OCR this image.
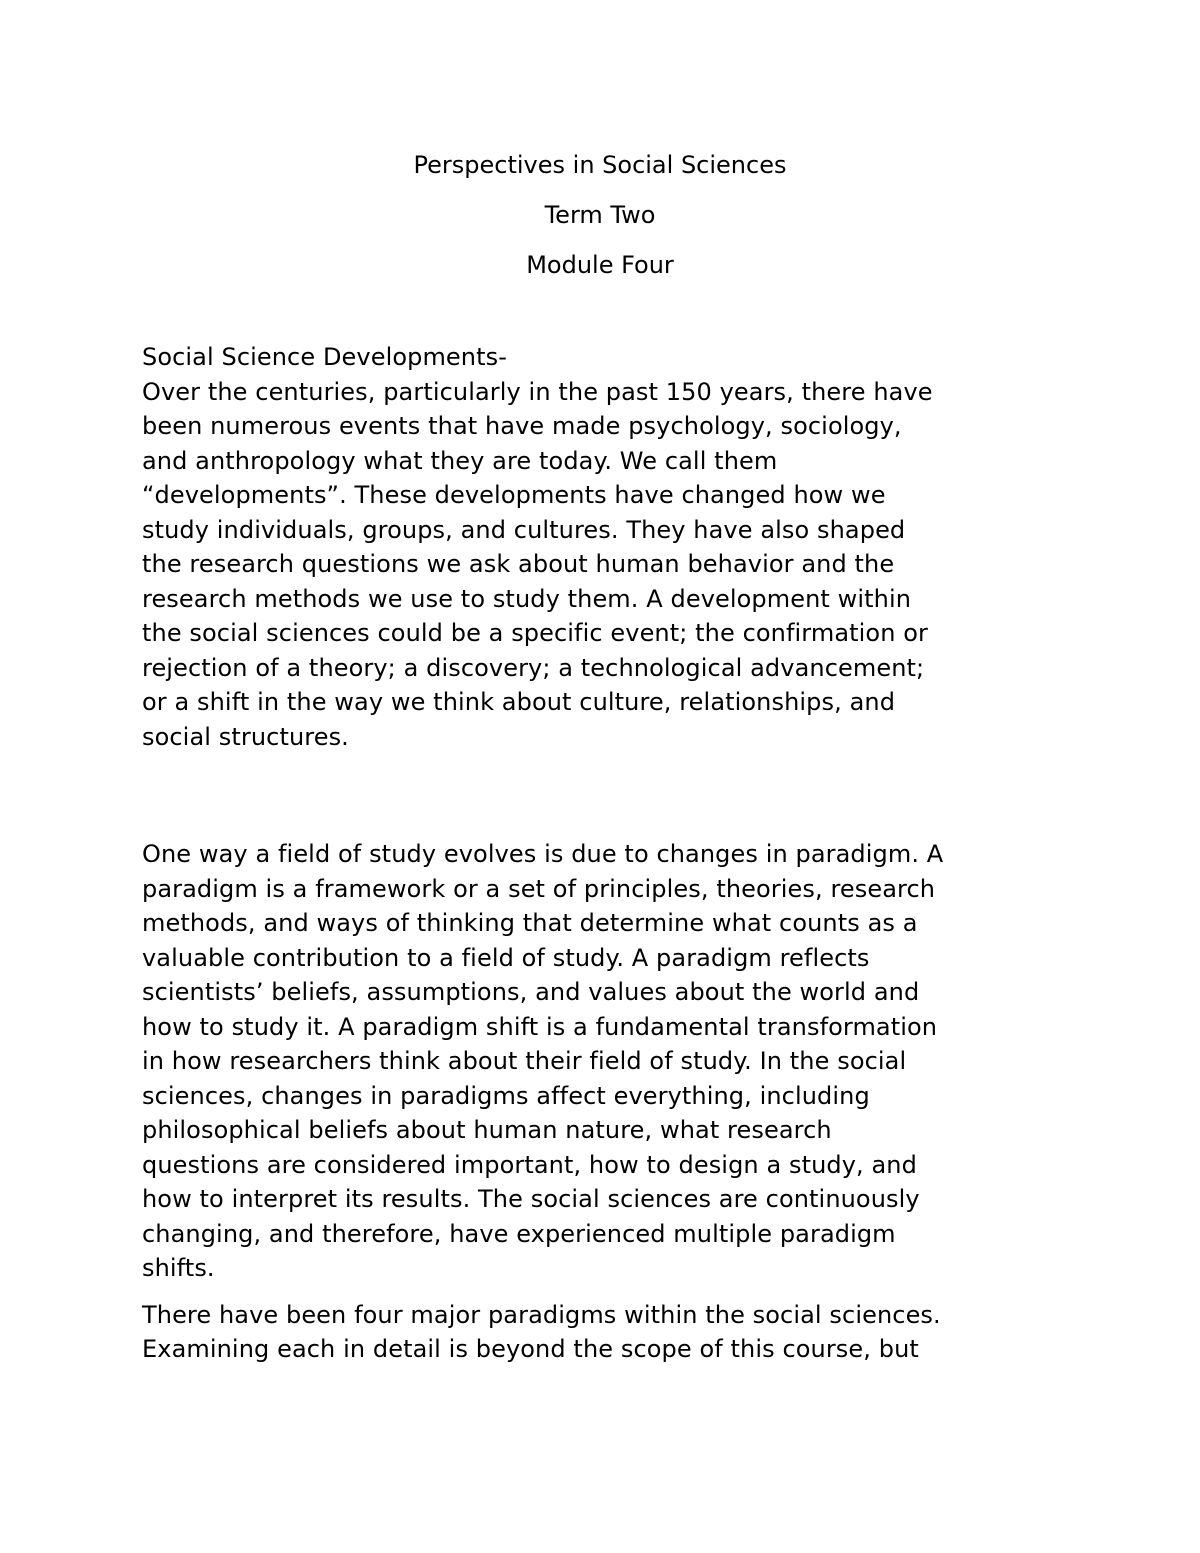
Perspectives in Social Sciences
Term Two
Module Four

Social Science Developments-

Over the centuries, particularly in the past 150 years, there have
been numerous events that have made psychology, sociology,
and anthropology what they are today. We call them
“developments”. These developments have changed how we
study individuals, groups, and cultures. They have also shaped
the research questions we ask about human behavior and the
research methods we use to study them. A development within
the social sciences could be a specific event; the confirmation or
rejection of a theory; a discovery; a technological advancement;
or a shift in the way we think about culture, relationships, and
social structures.

One way a field of study evolves is due to changes in paradigm. A
paradigm is a framework or a set of principles, theories, research
methods, and ways of thinking that determine what counts as a
valuable contribution to a field of study. A paradigm reflects
scientists’ beliefs, assumptions, and values about the world and
how to study it. A paradigm shift is a fundamental transformation
in how researchers think about their field of study. In the social
sciences, changes in paradigms affect everything, including
philosophical beliefs about human nature, what research
questions are considered important, how to design a study, and
how to interpret its results. The social sciences are continuously
changing, and therefore, have experienced multiple paradigm
shifts.

There have been four major paradigms within the social sciences.
Examining each in detail is beyond the scope of this course, but
